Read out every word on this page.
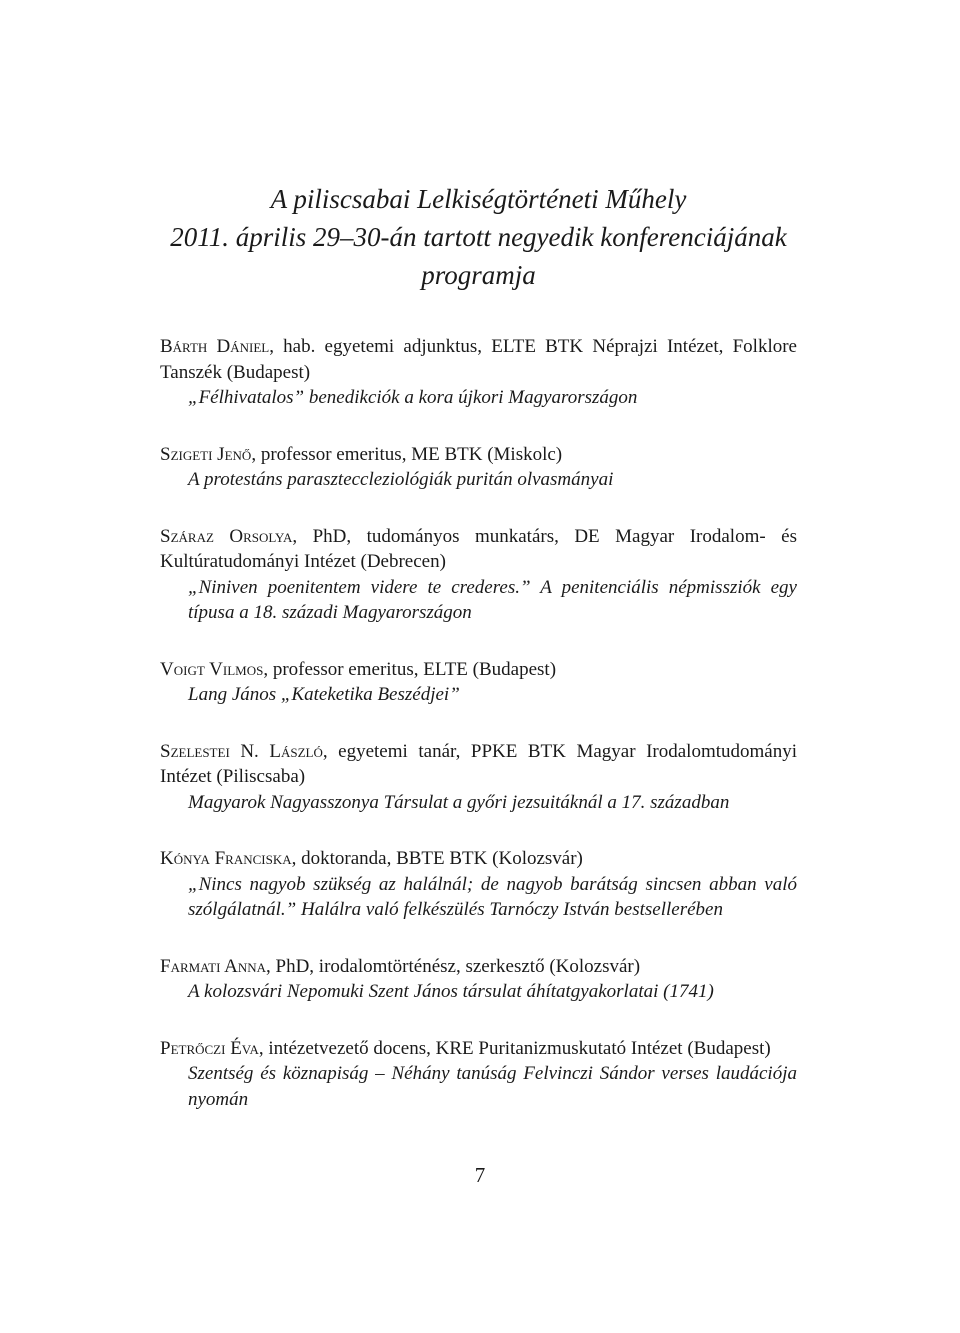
A piliscsabai Lelkiségtörténeti Műhely
2011. április 29–30-án tartott negyedik konferenciájának
programja
Bárth Dániel, hab. egyetemi adjunktus, ELTE BTK Néprajzi Intézet, Folklore Tanszék (Budapest)
„Félhivatalos” benedikciók a kora újkori Magyarországon
Szigeti Jenő, professor emeritus, ME BTK (Miskolc)
A protestáns paraszteccleziológiák puritán olvasmányai
Száraz Orsolya, PhD, tudományos munkatárs, DE Magyar Irodalom- és Kultúratudományi Intézet (Debrecen)
„Niniven poenitentem videre te crederes.” A penitenciális népmissziók egy típusa a 18. századi Magyarországon
Voigt Vilmos, professor emeritus, ELTE (Budapest)
Lang János „Kateketika Beszédjei”
Szelestei N. László, egyetemi tanár, PPKE BTK Magyar Irodalomtudományi Intézet (Piliscsaba)
Magyarok Nagyasszonya Társulat a győri jezsuitáknál a 17. században
Kónya Franciska, doktoranda, BBTE BTK (Kolozsvár)
„Nincs nagyob szükség az halálnál; de nagyob barátság sincsen abban való szólgálatnál.” Halálra való felkészülés Tarnóczy István bestsellerében
Farmati Anna, PhD, irodalomtörténész, szerkesztő (Kolozsvár)
A kolozsvári Nepomuki Szent János társulat áhítatgyakorlatai (1741)
Petrőczi Éva, intézetvezető docens, KRE Puritanizmuskutató Intézet (Budapest)
Szentség és köznapiság – Néhány tanúság Felvinczi Sándor verses laudációja nyomán
7
